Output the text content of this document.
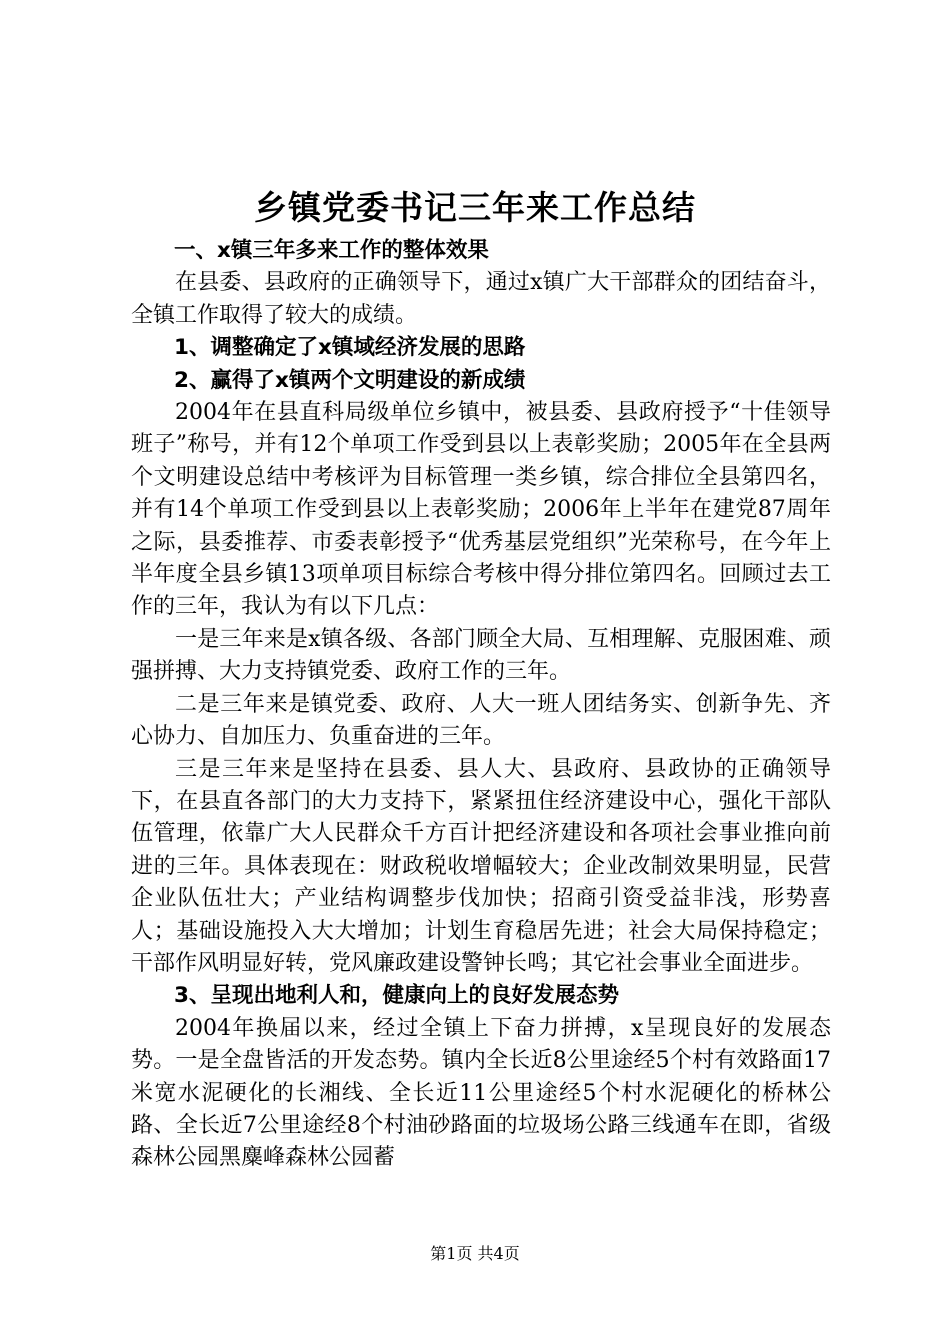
乡镇党委书记三年来工作总结

一、x镇三年多来工作的整体效果

在县委、县政府的正确领导下，通过x镇广大干部群众的团结奋斗，全镇工作取得了较大的成绩。

1、调整确定了x镇域经济发展的思路

2、赢得了x镇两个文明建设的新成绩

2004年在县直科局级单位乡镇中，被县委、县政府授予“十佳领导班子”称号，并有12个单项工作受到县以上表彰奖励；2005年在全县两个文明建设总结中考核评为目标管理一类乡镇，综合排位全县第四名，并有14个单项工作受到县以上表彰奖励；2006年上半年在建党87周年之际，县委推荐、市委表彰授予“优秀基层党组织”光荣称号，在今年上半年度全县乡镇13项单项目标综合考核中得分排位第四名。回顾过去工作的三年，我认为有以下几点：

一是三年来是x镇各级、各部门顾全大局、互相理解、克服困难、顽强拼搏、大力支持镇党委、政府工作的三年。

二是三年来是镇党委、政府、人大一班人团结务实、创新争先、齐心协力、自加压力、负重奋进的三年。

三是三年来是坚持在县委、县人大、县政府、县政协的正确领导下，在县直各部门的大力支持下，紧紧扭住经济建设中心，强化干部队伍管理，依靠广大人民群众千方百计把经济建设和各项社会事业推向前进的三年。具体表现在：财政税收增幅较大；企业改制效果明显，民营企业队伍壮大；产业结构调整步伐加快；招商引资受益非浅，形势喜人；基础设施投入大大增加；计划生育稳居先进；社会大局保持稳定；干部作风明显好转，党风廉政建设警钟长鸣；其它社会事业全面进步。

3、呈现出地利人和，健康向上的良好发展态势

2004年换届以来，经过全镇上下奋力拼搏，x呈现良好的发展态势。一是全盘皆活的开发态势。镇内全长近8公里途经5个村有效路面17米宽水泥硬化的长湘线、全长近11公里途经5个村水泥硬化的桥林公路、全长近7公里途经8个村油砂路面的垃圾场公路三线通车在即，省级森林公园黑麋峰森林公园蓄

第1页 共4页
